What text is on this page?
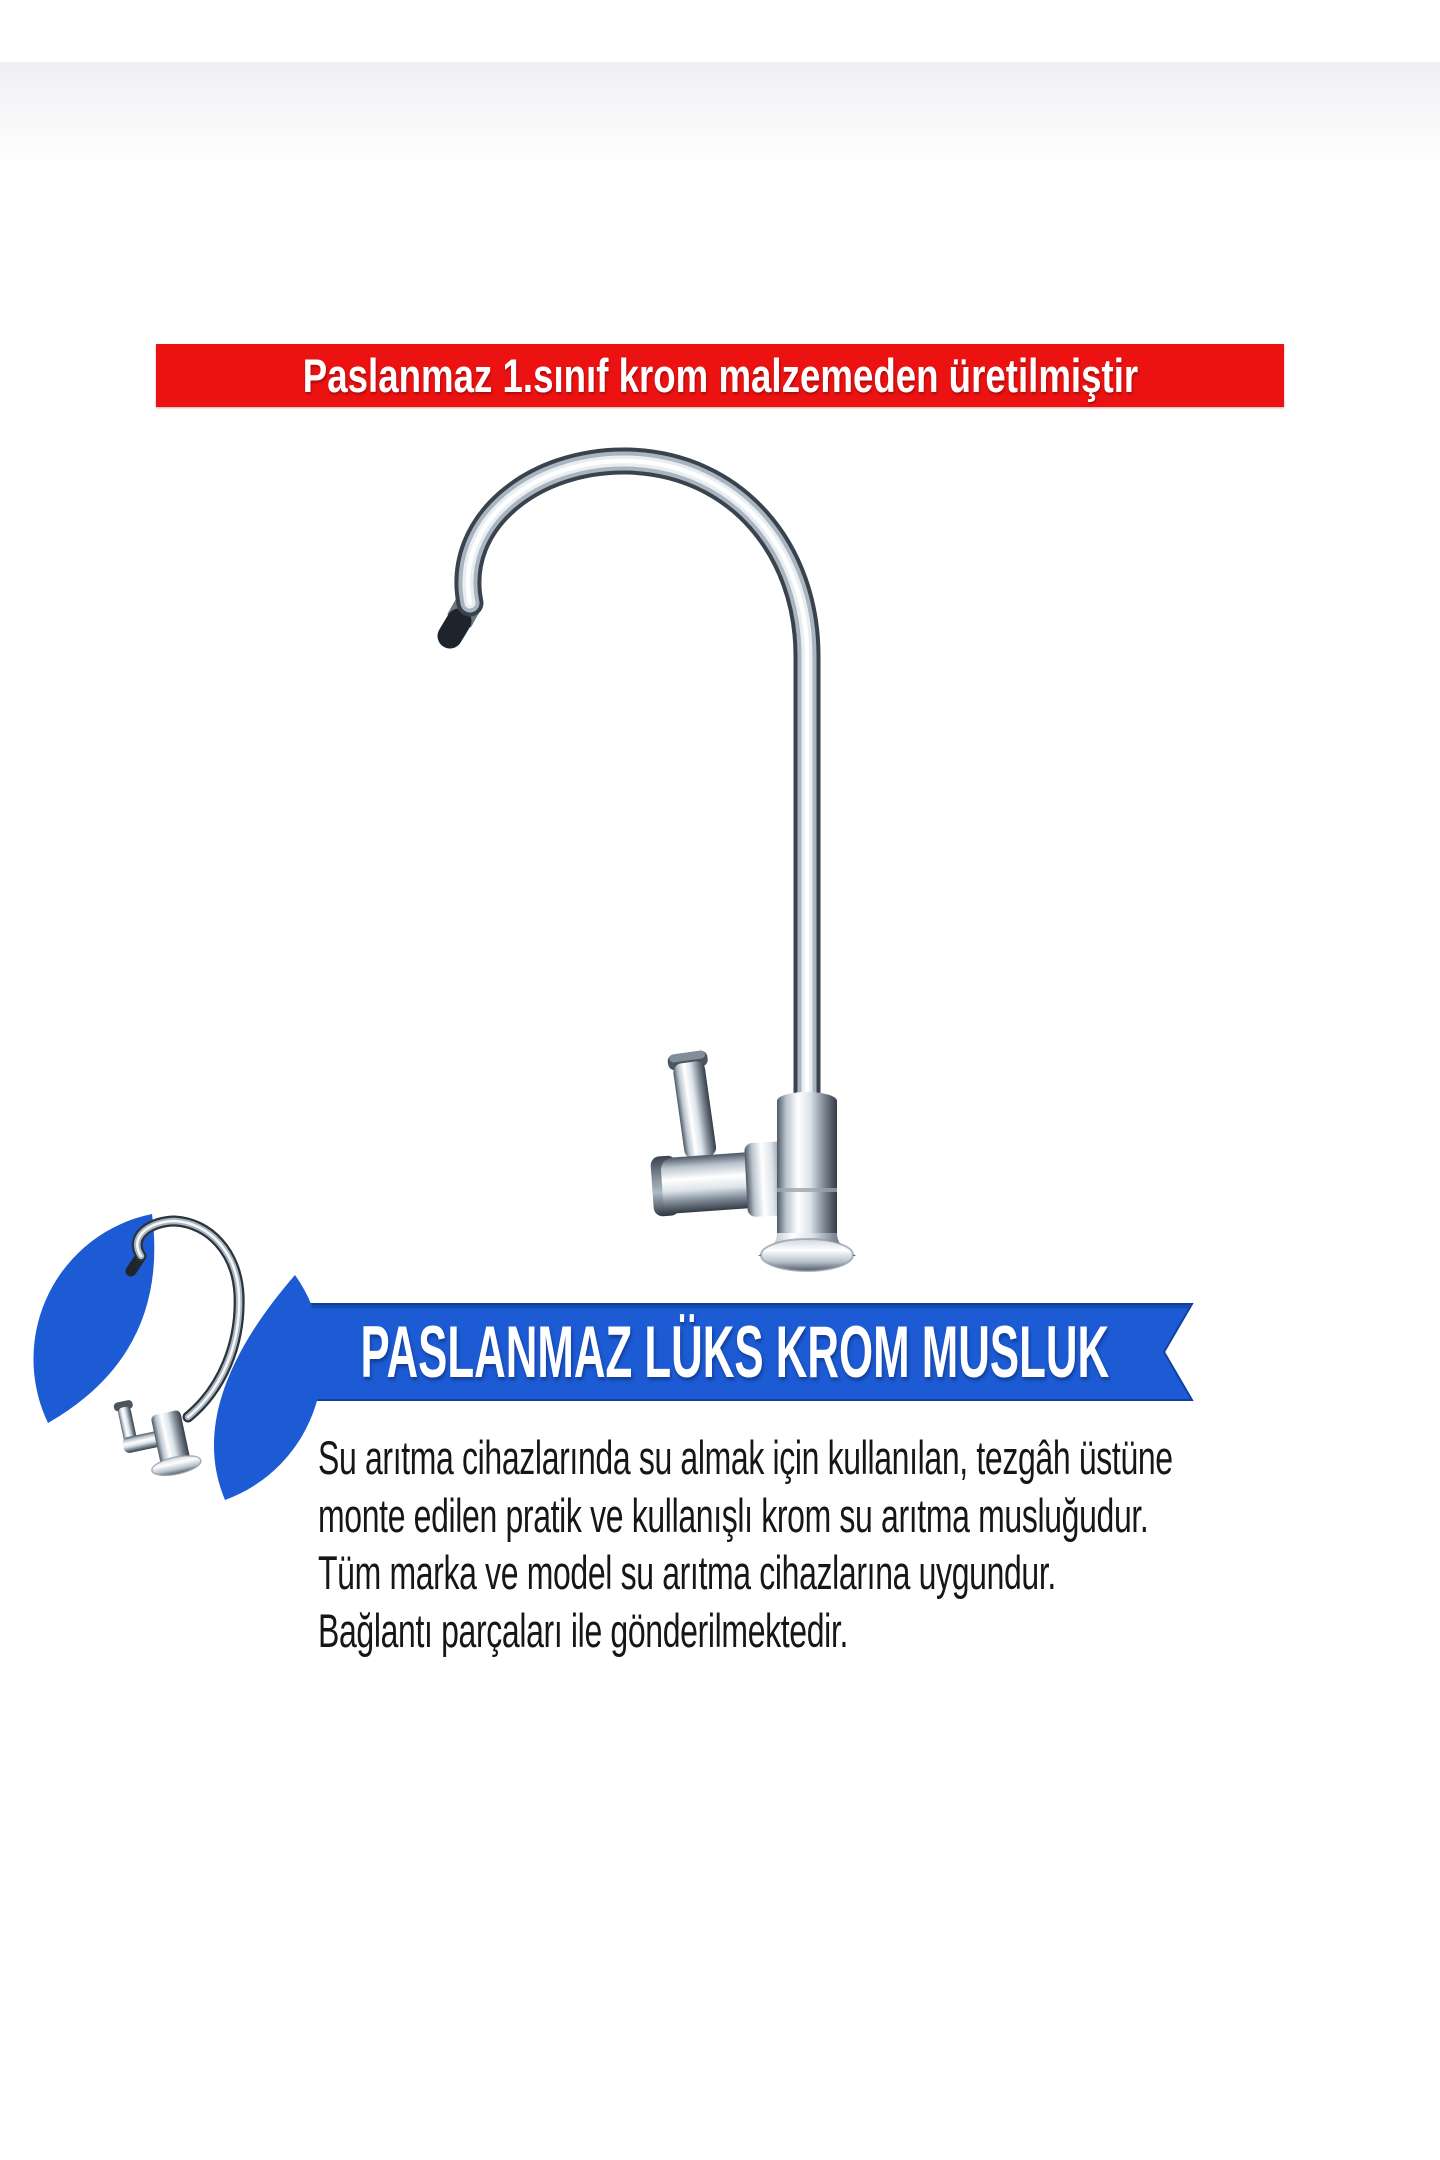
Paslanmaz 1.sınıf krom malzemeden üretilmiştir
PASLANMAZ LÜKS KROM MUSLUK
Su arıtma cihazlarında su almak için kullanılan, tezgâh üstüne
monte edilen pratik ve kullanışlı krom su arıtma musluğudur.
Tüm marka ve model su arıtma cihazlarına uygundur.
Bağlantı parçaları ile gönderilmektedir.
